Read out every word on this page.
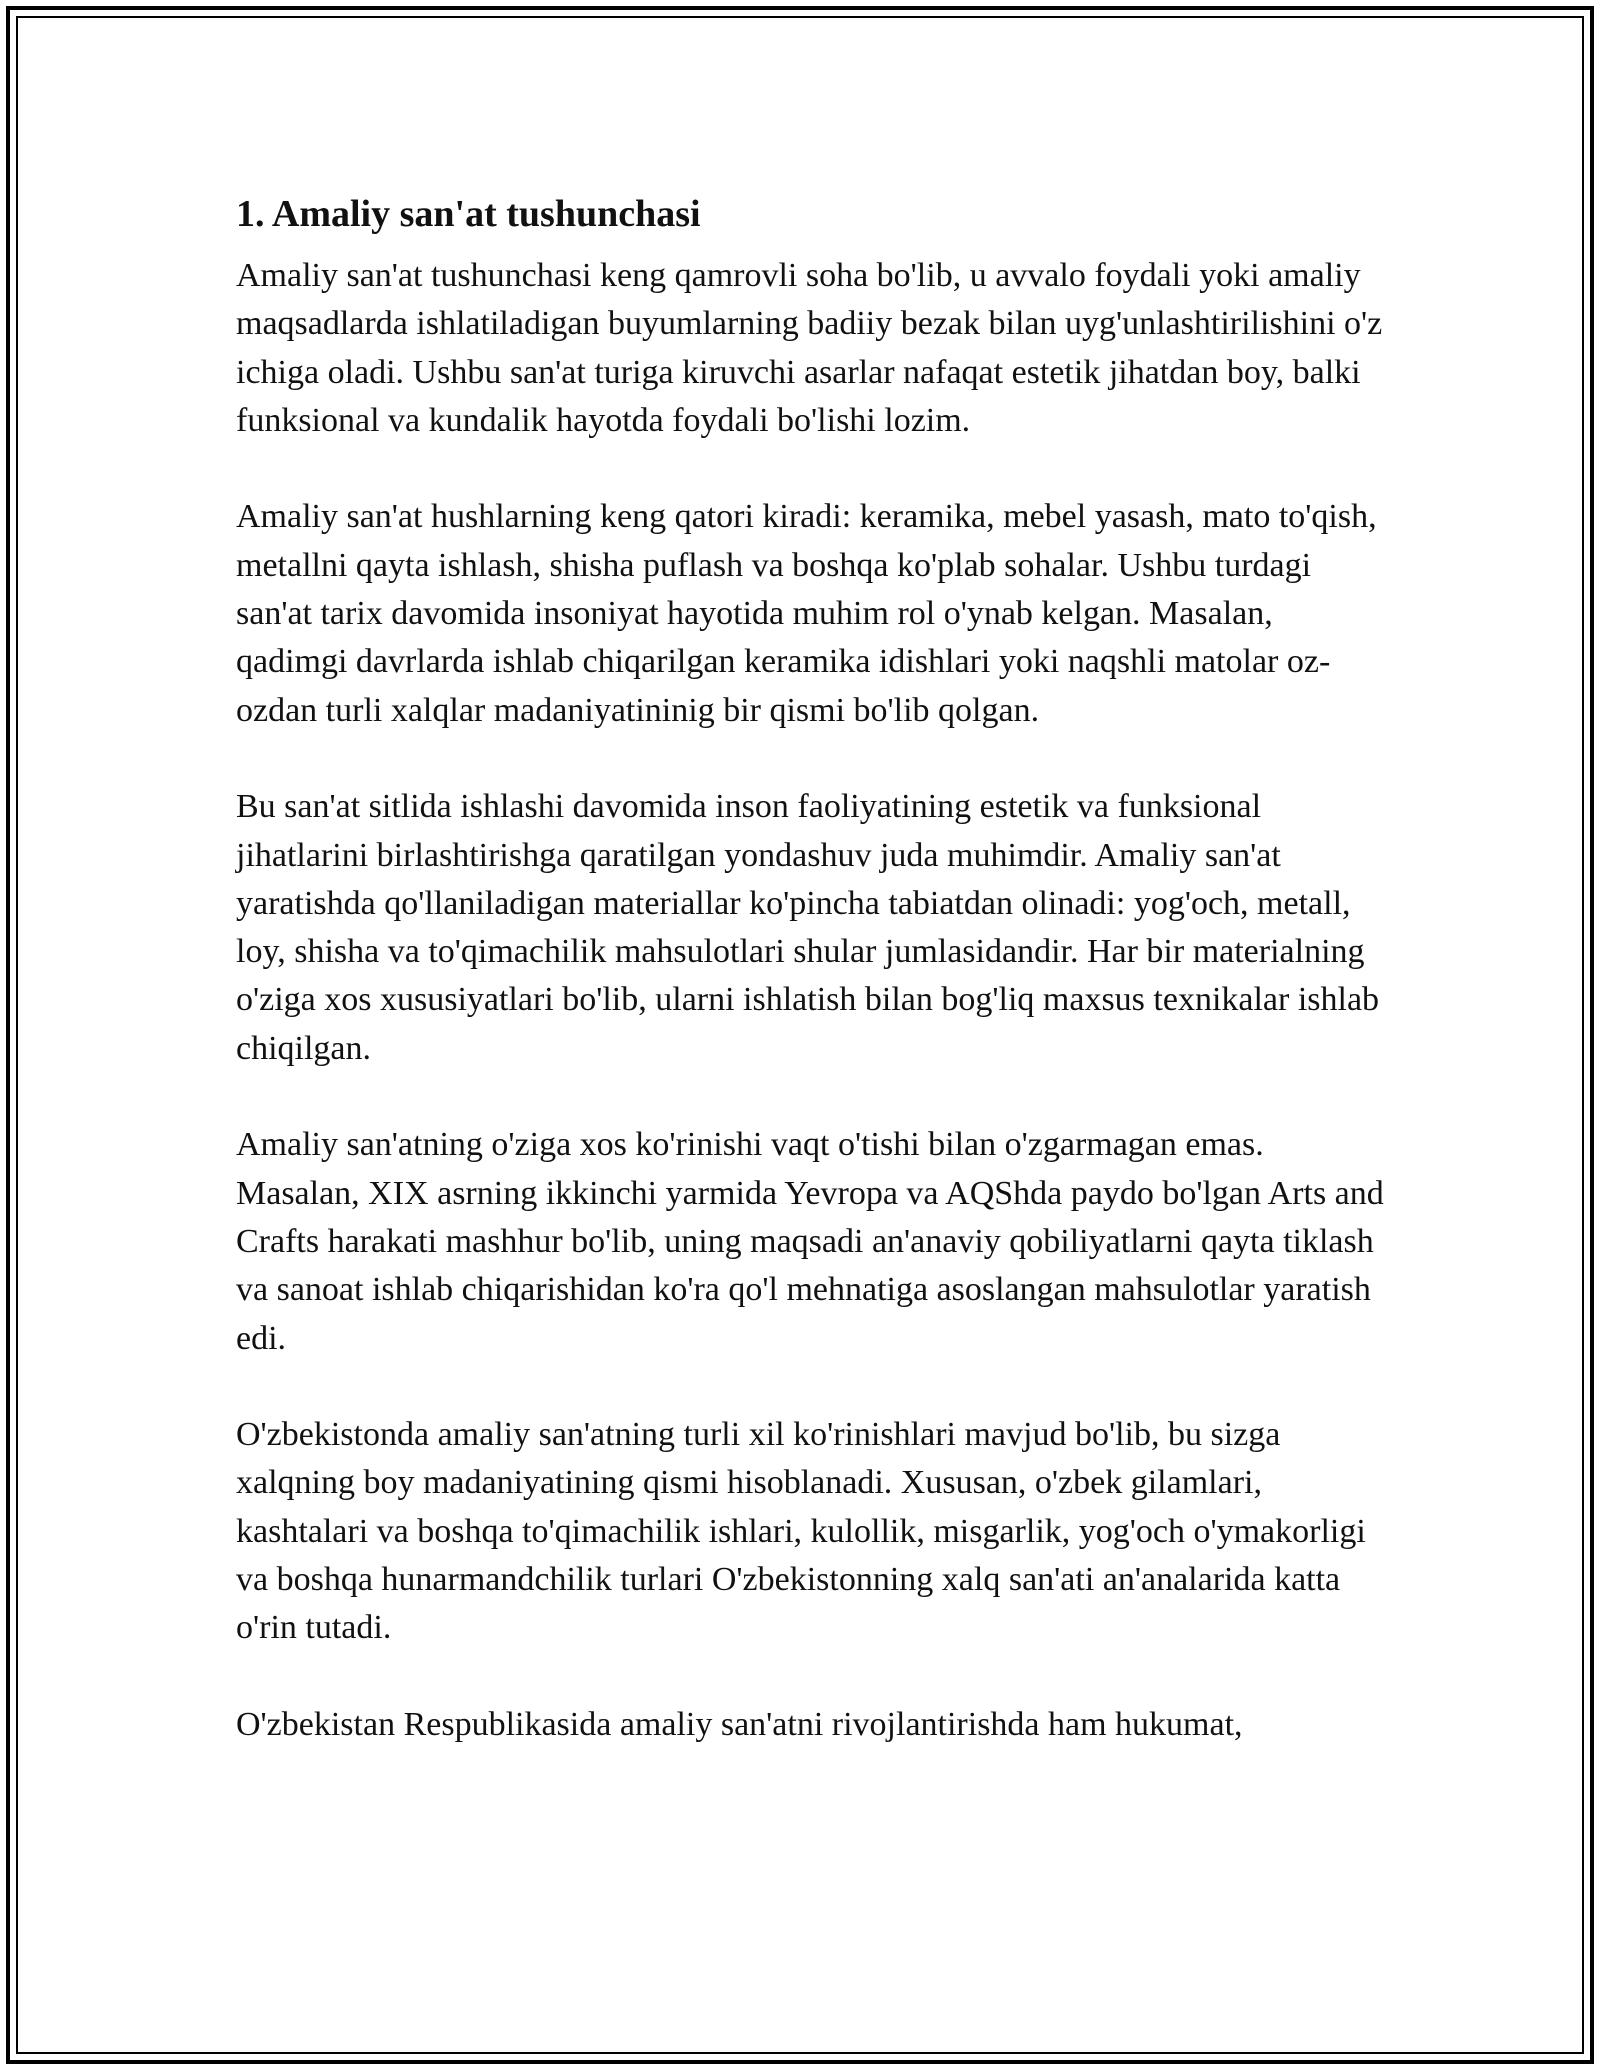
1. Amaliy san'at tushunchasi

Amaliy san'at tushunchasi keng qamrovli soha bo'lib, u avvalo foydali yoki amaliy maqsadlarda ishlatiladigan buyumlarning badiiy bezak bilan uyg'unlashtirilishini o'z ichiga oladi. Ushbu san'at turiga kiruvchi asarlar nafaqat estetik jihatdan boy, balki funksional va kundalik hayotda foydali bo'lishi lozim.

Amaliy san'at hushlarning keng qatori kiradi: keramika, mebel yasash, mato to'qish, metallni qayta ishlash, shisha puflash va boshqa ko'plab sohalar. Ushbu turdagi san'at tarix davomida insoniyat hayotida muhim rol o'ynab kelgan. Masalan, qadimgi davrlarda ishlab chiqarilgan keramika idishlari yoki naqshli matolar oz-ozdan turli xalqlar madaniyatininig bir qismi bo'lib qolgan.

Bu san'at sitlida ishlashi davomida inson faoliyatining estetik va funksional jihatlarini birlashtirishga qaratilgan yondashuv juda muhimdir. Amaliy san'at yaratishda qo'llaniladigan materiallar ko'pincha tabiatdan olinadi: yog'och, metall, loy, shisha va to'qimachilik mahsulotlari shular jumlasidandir. Har bir materialning o'ziga xos xususiyatlari bo'lib, ularni ishlatish bilan bog'liq maxsus texnikalar ishlab chiqilgan.

Amaliy san'atning o'ziga xos ko'rinishi vaqt o'tishi bilan o'zgarmagan emas. Masalan, XIX asrning ikkinchi yarmida Yevropa va AQShda paydo bo'lgan Arts and Crafts harakati mashhur bo'lib, uning maqsadi an'anaviy qobiliyatlarni qayta tiklash va sanoat ishlab chiqarishidan ko'ra qo'l mehnatiga asoslangan mahsulotlar yaratish edi.

O'zbekistonda amaliy san'atning turli xil ko'rinishlari mavjud bo'lib, bu sizga xalqning boy madaniyatining qismi hisoblanadi. Xususan, o'zbek gilamlari, kashtalari va boshqa to'qimachilik ishlari, kulollik, misgarlik, yog'och o'ymakorligi va boshqa hunarmandchilik turlari O'zbekistonning xalq san'ati an'analarida katta o'rin tutadi.

O'zbekistan Respublikasida amaliy san'atni rivojlantirishda ham hukumat,
